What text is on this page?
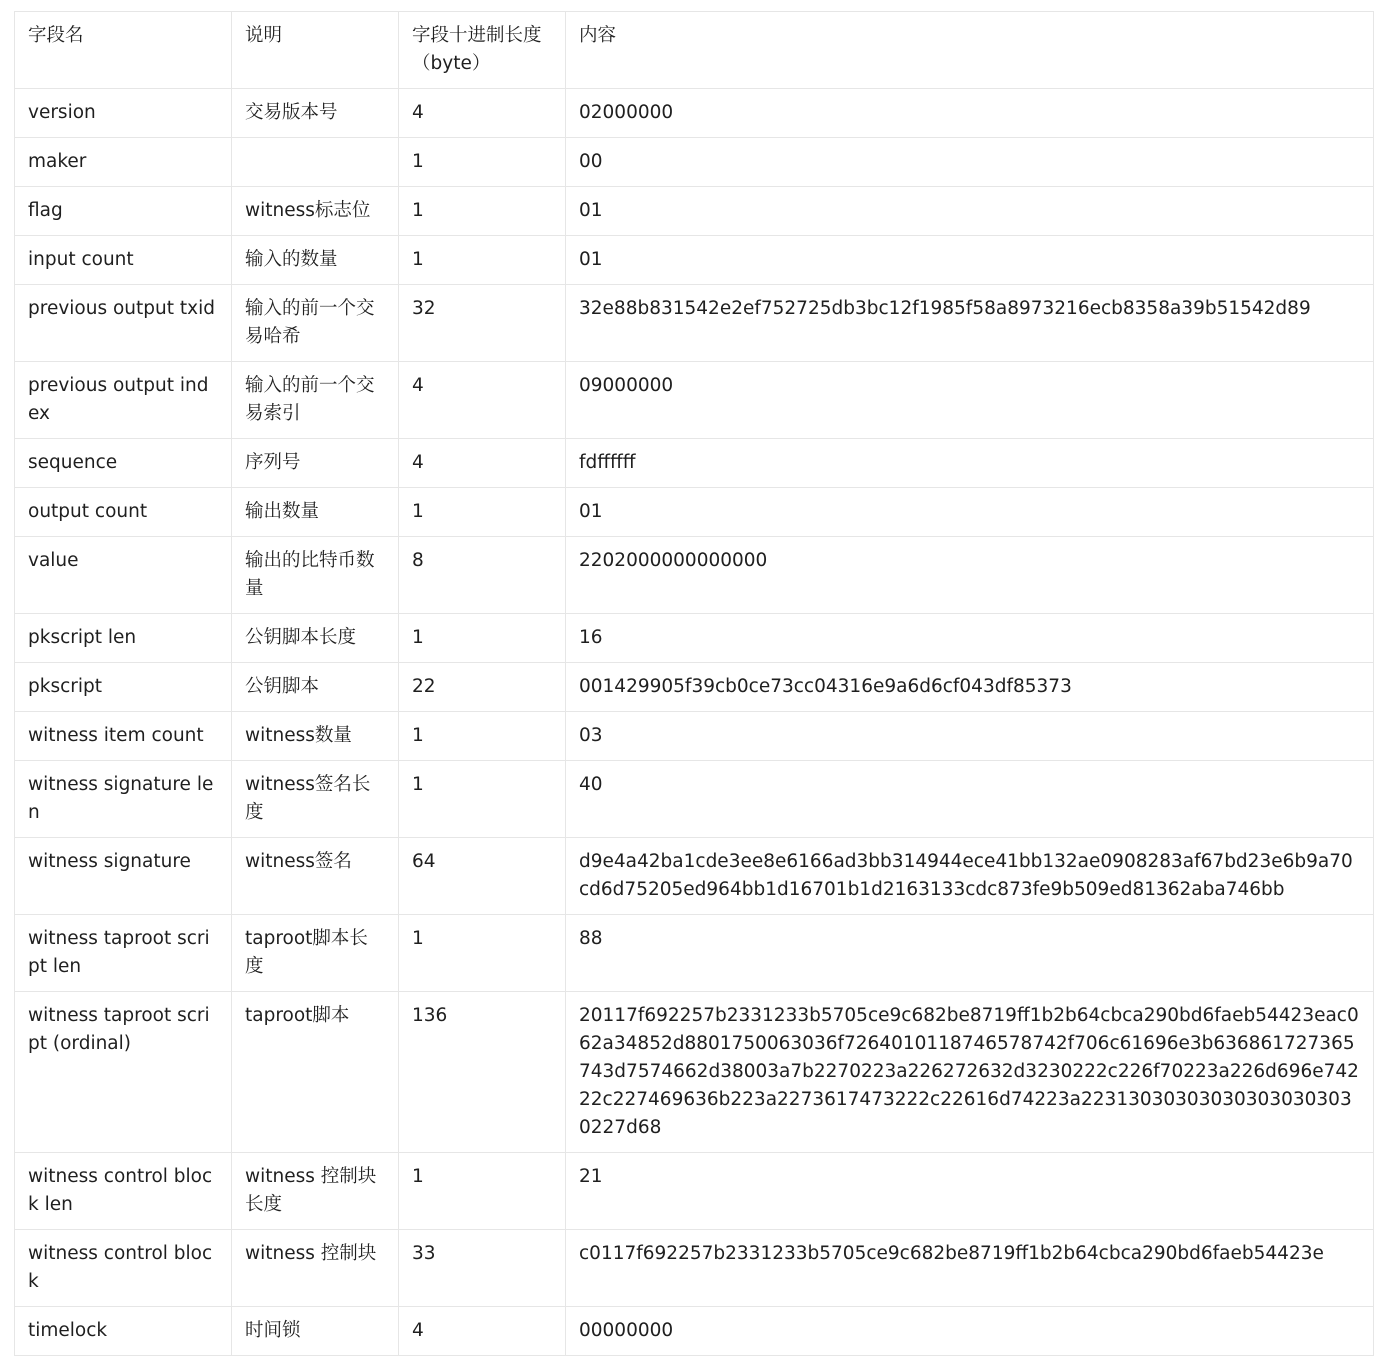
字段名	说明	字段十进制长度（byte）	内容
version	交易版本号	4	02000000
maker		1	00
flag	witness标志位	1	01
input count	输入的数量	1	01
previous output txid	输入的前一个交易哈希	32	32e88b831542e2ef752725db3bc12f1985f58a8973216ecb8358a39b51542d89
previous output index	输入的前一个交易索引	4	09000000
sequence	序列号	4	fdffffff
output count	输出数量	1	01
value	输出的比特币数量	8	2202000000000000
pkscript len	公钥脚本长度	1	16
pkscript	公钥脚本	22	001429905f39cb0ce73cc04316e9a6d6cf043df85373
witness item count	witness数量	1	03
witness signature len	witness签名长度	1	40
witness signature	witness签名	64	d9e4a42ba1cde3ee8e6166ad3bb314944ece41bb132ae0908283af67bd23e6b9a70cd6d75205ed964bb1d16701b1d2163133cdc873fe9b509ed81362aba746bb
witness taproot script len	taproot脚本长度	1	88
witness taproot script (ordinal)	taproot脚本	136	20117f692257b2331233b5705ce9c682be8719ff1b2b64cbca290bd6faeb54423eac062a34852d8801750063036f7264010118746578742f706c61696e3b636861727365743d7574662d38003a7b2270223a226272632d3230222c226f70223a226d696e74222c227469636b223a2273617473222c22616d74223a223130303030303030303030227d68
witness control block len	witness 控制块长度	1	21
witness control block	witness 控制块	33	c0117f692257b2331233b5705ce9c682be8719ff1b2b64cbca290bd6faeb54423e
timelock	时间锁	4	00000000
